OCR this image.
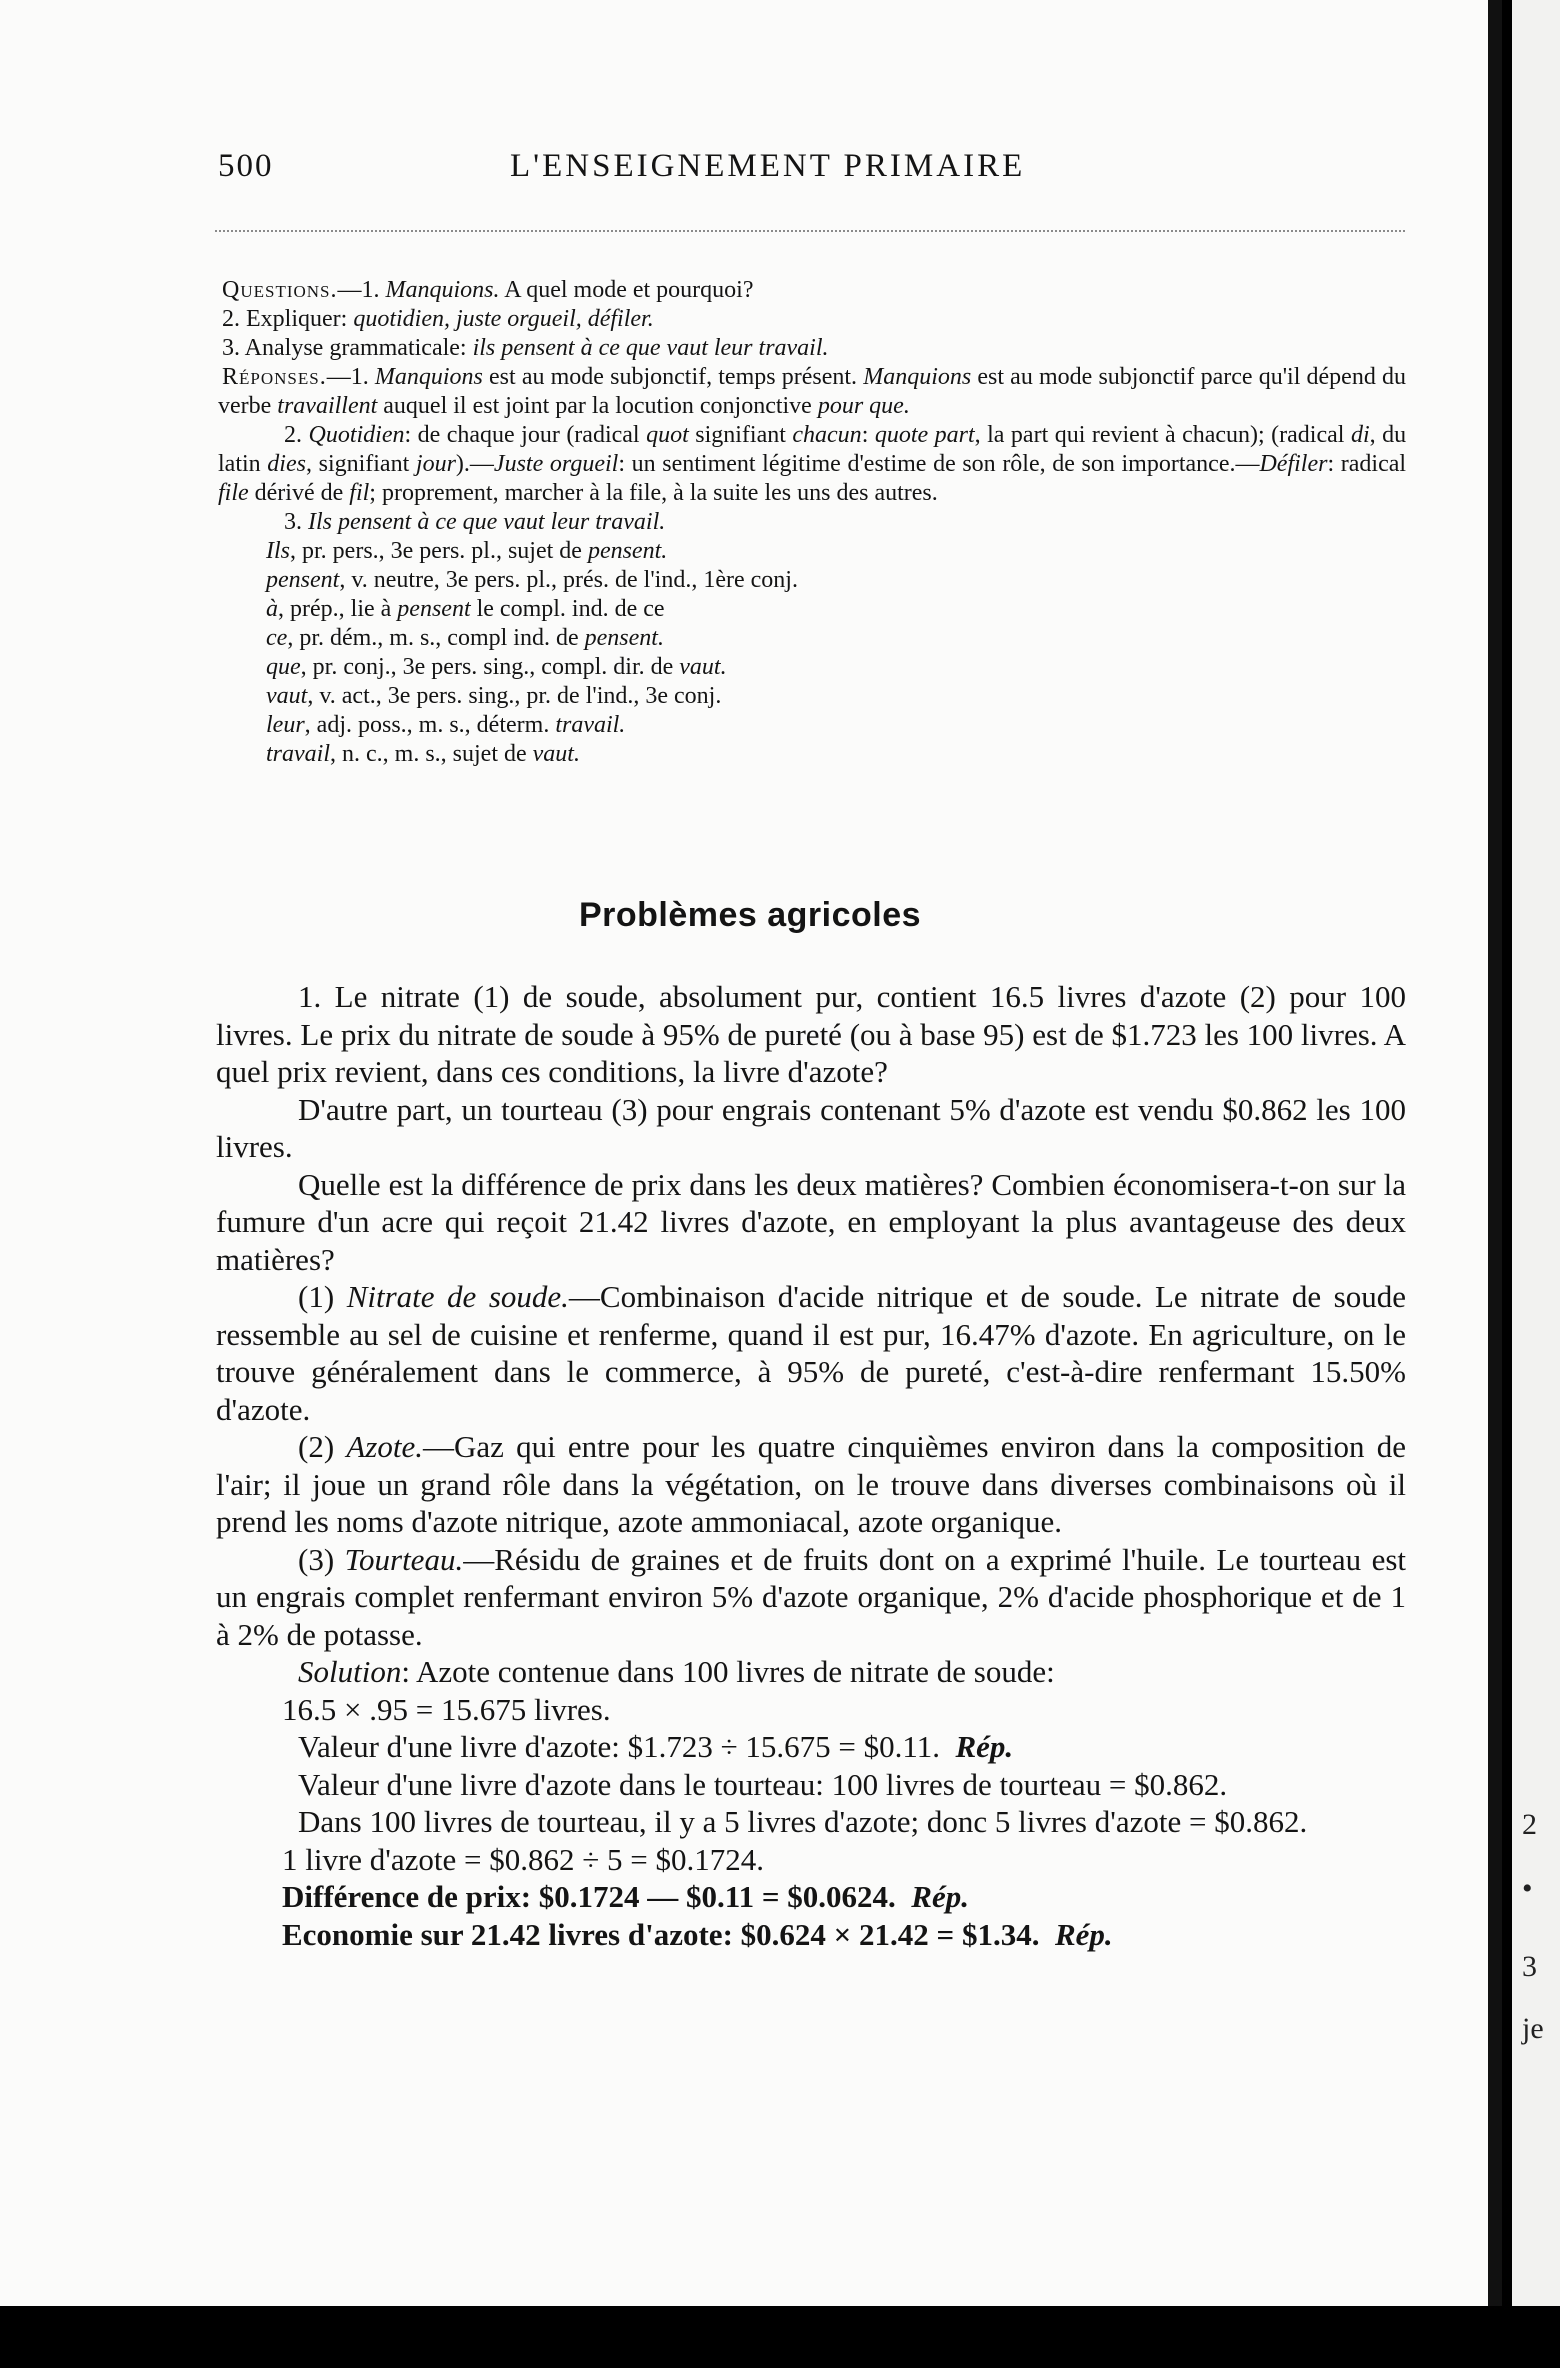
500	L'ENSEIGNEMENT PRIMAIRE

Questions.—1. Manquions. A quel mode et pourquoi?

2. Expliquer: quotidien, juste orgueil, défiler.

3. Analyse grammaticale: ils pensent à ce que vaut leur travail.

Réponses.—1. Manquions est au mode subjonctif, temps présent. Manquions est au mode subjonctif parce qu'il dépend du verbe travaillent auquel il est joint par la locution conjonctive pour que.

2. Quotidien: de chaque jour (radical quot signifiant chacun: quote part, la part qui revient à chacun); (radical di, du latin dies, signifiant jour).—Juste orgueil: un sentiment légitime d'estime de son rôle, de son importance.—Défiler: radical file dérivé de fil; proprement, marcher à la file, à la suite les uns des autres.

3. Ils pensent à ce que vaut leur travail.

Ils, pr. pers., 3e pers. pl., sujet de pensent.

pensent, v. neutre, 3e pers. pl., prés. de l'ind., 1ère conj.

à, prép., lie à pensent le compl. ind. de ce

ce, pr. dém., m. s., compl ind. de pensent.

que, pr. conj., 3e pers. sing., compl. dir. de vaut.

vaut, v. act., 3e pers. sing., pr. de l'ind., 3e conj.

leur, adj. poss., m. s., déterm. travail.

travail, n. c., m. s., sujet de vaut.

Problèmes agricoles

1. Le nitrate (1) de soude, absolument pur, contient 16.5 livres d'azote (2) pour 100 livres. Le prix du nitrate de soude à 95% de pureté (ou à base 95) est de $1.723 les 100 livres. A quel prix revient, dans ces conditions, la livre d'azote?

D'autre part, un tourteau (3) pour engrais contenant 5% d'azote est vendu $0.862 les 100 livres.

Quelle est la différence de prix dans les deux matières? Combien économisera-t-on sur la fumure d'un acre qui reçoit 21.42 livres d'azote, en employant la plus avantageuse des deux matières?

(1) Nitrate de soude.—Combinaison d'acide nitrique et de soude. Le nitrate de soude ressemble au sel de cuisine et renferme, quand il est pur, 16.47% d'azote. En agriculture, on le trouve généralement dans le commerce, à 95% de pureté, c'est-à-dire renfermant 15.50% d'azote.

(2) Azote.—Gaz qui entre pour les quatre cinquièmes environ dans la composition de l'air; il joue un grand rôle dans la végétation, on le trouve dans diverses combinaisons où il prend les noms d'azote nitrique, azote ammoniacal, azote organique.

(3) Tourteau.—Résidu de graines et de fruits dont on a exprimé l'huile. Le tourteau est un engrais complet renfermant environ 5% d'azote organique, 2% d'acide phosphorique et de 1 à 2% de potasse.

Solution: Azote contenue dans 100 livres de nitrate de soude:

16.5 × .95 = 15.675 livres.

Valeur d'une livre d'azote: $1.723 ÷ 15.675 = $0.11. Rép.

Valeur d'une livre d'azote dans le tourteau: 100 livres de tourteau = $0.862.

Dans 100 livres de tourteau, il y a 5 livres d'azote; donc 5 livres d'azote = $0.862.

1 livre d'azote = $0.862 ÷ 5 = $0.1724.

Différence de prix: $0.1724 — $0.11 = $0.0624. Rép.

Economie sur 21.42 livres d'azote: $0.624 × 21.42 = $1.34. Rép.

2
•
3
je
